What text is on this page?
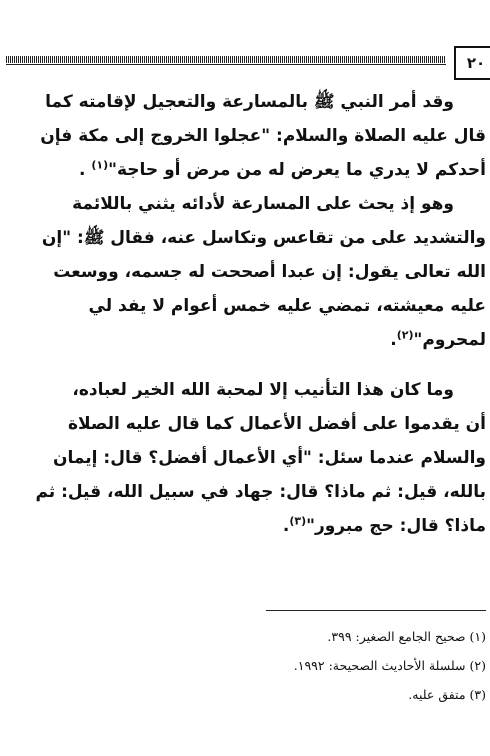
٢٠
وقد أمر النبي ﷺ بالمسارعة والتعجيل لإقامته كما
قال عليه الصلاة والسلام: "عجلوا الخروج إلى مكة فإن
أحدكم لا يدري ما يعرض له من مرض أو حاجة"$^{(١)}$ .
وهو إذ يحث على المسارعة لأدائه يثني باللائمة
والتشديد على من تقاعس وتكاسل عنه، فقال ﷺ: "إن
الله تعالى يقول: إن عبدا أصححت له جسمه، ووسعت
عليه معيشته، تمضي عليه خمس أعوام لا يفد لي
لمحروم"$^{(٢)}$.
وما كان هذا التأنيب إلا لمحبة الله الخير لعباده،
أن يقدموا على أفضل الأعمال كما قال عليه الصلاة
والسلام عندما سئل: "أي الأعمال أفضل؟ قال: إيمان
بالله، قيل: ثم ماذا؟ قال: جهاد في سبيل الله، قيل: ثم
ماذا؟ قال: حج مبرور"$^{(٣)}$.
(١) صحيح الجامع الصغير: ٣٩٩.
(٢) سلسلة الأحاديث الصحيحة: ١٩٩٢.
(٣) متفق عليه.
